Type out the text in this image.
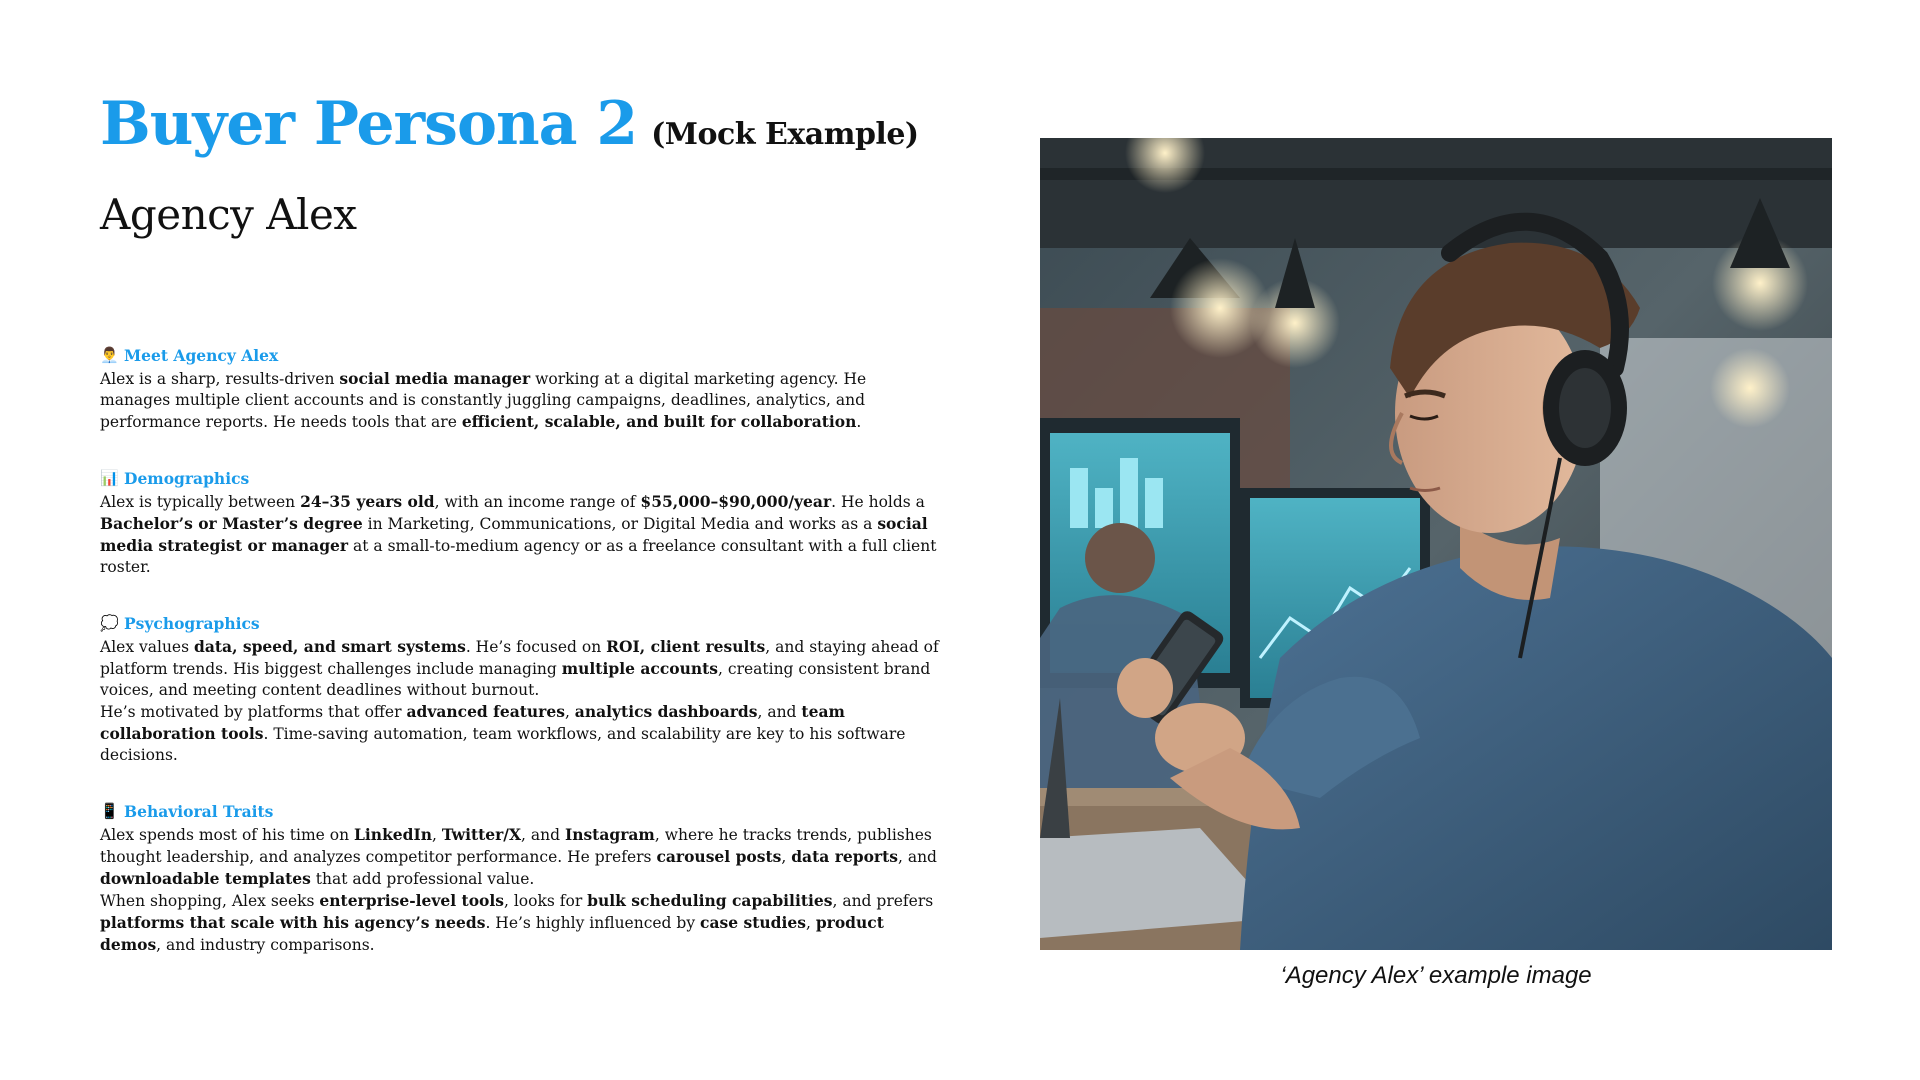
Buyer Persona 2 (Mock Example)
Agency Alex
👨‍💼 Meet Agency Alex

Alex is a sharp, results-driven social media manager working at a digital marketing agency. He manages multiple client accounts and is constantly juggling campaigns, deadlines, analytics, and performance reports. He needs tools that are efficient, scalable, and built for collaboration.

📊 Demographics

Alex is typically between 24–35 years old, with an income range of $55,000–$90,000/year. He holds a Bachelor’s or Master’s degree in Marketing, Communications, or Digital Media and works as a social media strategist or manager at a small-to-medium agency or as a freelance consultant with a full client roster.

💭 Psychographics

Alex values data, speed, and smart systems. He’s focused on ROI, client results, and staying ahead of platform trends. His biggest challenges include managing multiple accounts, creating consistent brand voices, and meeting content deadlines without burnout.

He’s motivated by platforms that offer advanced features, analytics dashboards, and team collaboration tools. Time-saving automation, team workflows, and scalability are key to his software decisions.

📱 Behavioral Traits

Alex spends most of his time on LinkedIn, Twitter/X, and Instagram, where he tracks trends, publishes thought leadership, and analyzes competitor performance. He prefers carousel posts, data reports, and downloadable templates that add professional value.

When shopping, Alex seeks enterprise-level tools, looks for bulk scheduling capabilities, and prefers platforms that scale with his agency’s needs. He’s highly influenced by case studies, product demos, and industry comparisons.

‘Agency Alex’ example image
